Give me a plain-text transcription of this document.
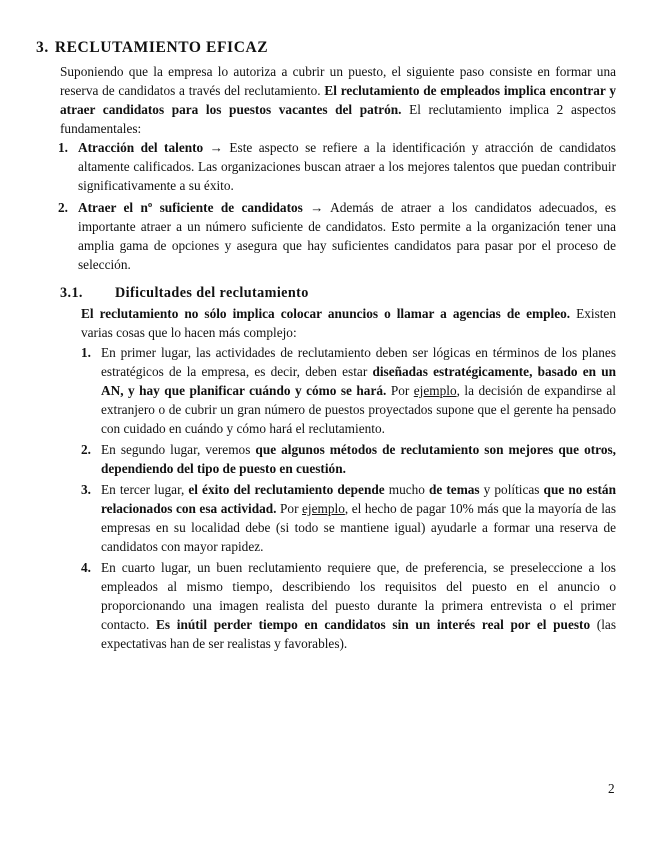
3. RECLUTAMIENTO EFICAZ

Suponiendo que la empresa lo autoriza a cubrir un puesto, el siguiente paso consiste en formar una reserva de candidatos a través del reclutamiento. El reclutamiento de empleados implica encontrar y atraer candidatos para los puestos vacantes del patrón. El reclutamiento implica 2 aspectos fundamentales:

1. Atracción del talento → Este aspecto se refiere a la identificación y atracción de candidatos altamente calificados. Las organizaciones buscan atraer a los mejores talentos que puedan contribuir significativamente a su éxito.
2. Atraer el nº suficiente de candidatos → Además de atraer a los candidatos adecuados, es importante atraer a un número suficiente de candidatos. Esto permite a la organización tener una amplia gama de opciones y asegura que hay suficientes candidatos para pasar por el proceso de selección.
3.1. Dificultades del reclutamiento

El reclutamiento no sólo implica colocar anuncios o llamar a agencias de empleo. Existen varias cosas que lo hacen más complejo:

1. En primer lugar, las actividades de reclutamiento deben ser lógicas en términos de los planes estratégicos de la empresa, es decir, deben estar diseñadas estratégicamente, basado en un AN, y hay que planificar cuándo y cómo se hará. Por ejemplo, la decisión de expandirse al extranjero o de cubrir un gran número de puestos proyectados supone que el gerente ha pensado con cuidado en cuándo y cómo hará el reclutamiento.
2. En segundo lugar, veremos que algunos métodos de reclutamiento son mejores que otros, dependiendo del tipo de puesto en cuestión.
3. En tercer lugar, el éxito del reclutamiento depende mucho de temas y políticas que no están relacionados con esa actividad. Por ejemplo, el hecho de pagar 10% más que la mayoría de las empresas en su localidad debe (si todo se mantiene igual) ayudarle a formar una reserva de candidatos con mayor rapidez.
4. En cuarto lugar, un buen reclutamiento requiere que, de preferencia, se preseleccione a los empleados al mismo tiempo, describiendo los requisitos del puesto en el anuncio o proporcionando una imagen realista del puesto durante la primera entrevista o el primer contacto. Es inútil perder tiempo en candidatos sin un interés real por el puesto (las expectativas han de ser realistas y favorables).
2
